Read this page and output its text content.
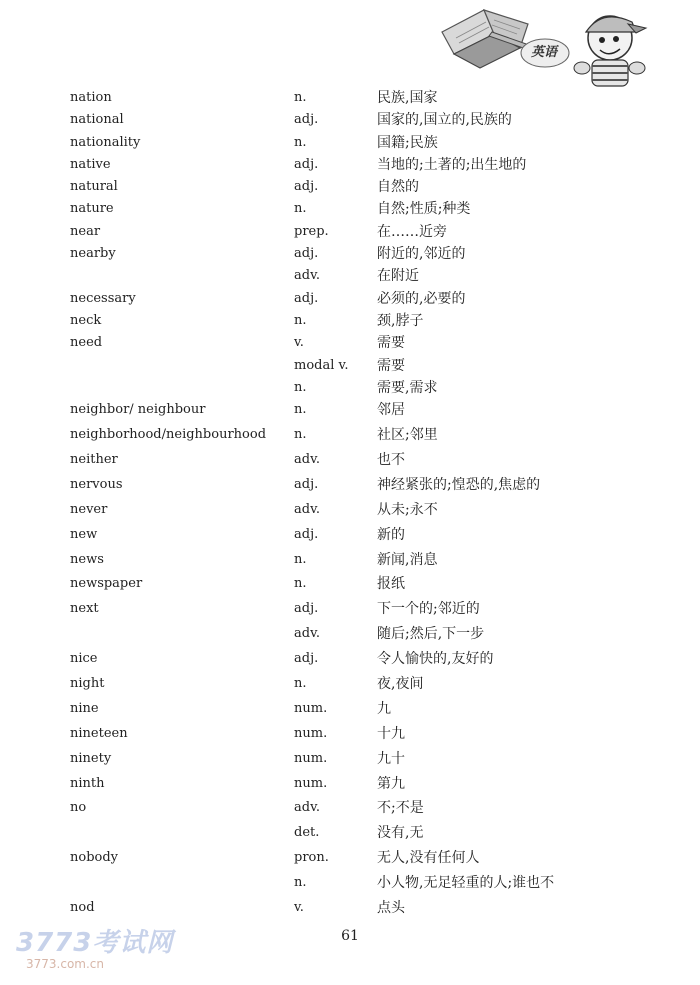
英语
nation	n.	民族,国家
national	adj.	国家的,国立的,民族的
nationality	n.	国籍;民族
native	adj.	当地的;土著的;出生地的
natural	adj.	自然的
nature	n.	自然;性质;种类
near	prep.	在……近旁
nearby	adj.	附近的,邻近的
adv.	在附近
necessary	adj.	必须的,必要的
neck	n.	颈,脖子
need	v.	需要
modal v. 需要
n.	需要,需求
neighbor/ neighbour	n.	邻居
neighborhood/neighbourhood n.	社区;邻里
neither	adv.	也不
nervous	adj.	神经紧张的;惶恐的,焦虑的
never	adv.	从未;永不
new	adj.	新的
news	n.	新闻,消息
newspaper	n.	报纸
next	adj.	下一个的;邻近的
adv.	随后;然后,下一步
nice	adj.	令人愉快的,友好的
night	n.	夜,夜间
nine	num.	九
nineteen	num.	十九
ninety	num.	九十
ninth	num.	第九
no	adv.	不;不是
det.	没有,无
nobody	pron.	无人,没有任何人
n.	小人物,无足轻重的人;谁也不
nod	v.	点头
61
3773考试网
3773.com.cn
